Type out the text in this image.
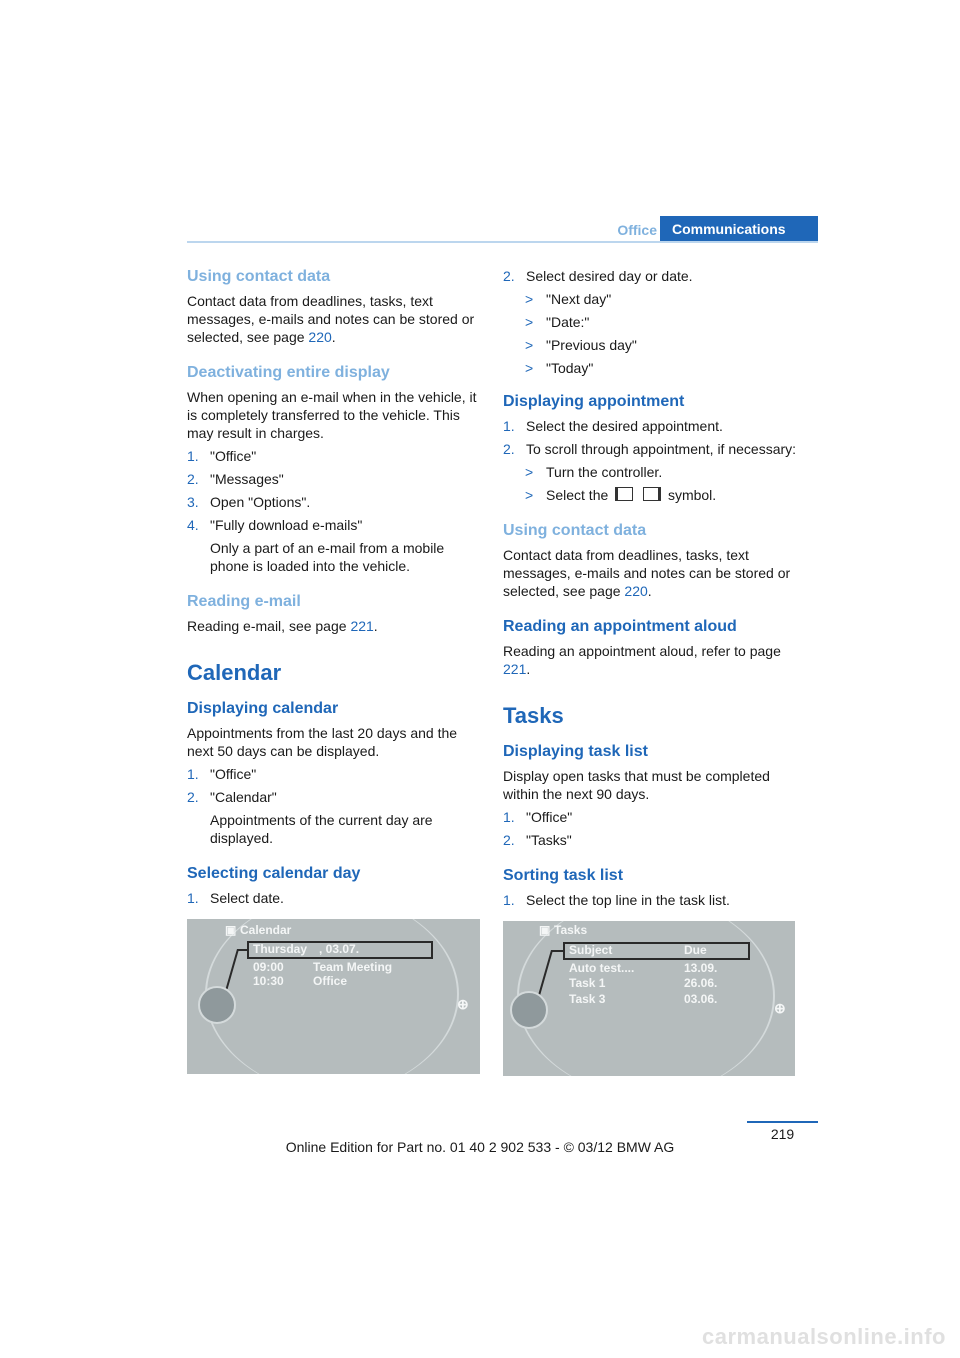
Office	Communications
Using contact data

Contact data from deadlines, tasks, text messages, e-mails and notes can be stored or selected, see page 220.

Deactivating entire display

When opening an e-mail when in the vehicle, it is completely transferred to the vehicle. This may result in charges.

1. "Office"
2. "Messages"
3. Open "Options".
4. "Fully download e-mails"

Only a part of an e-mail from a mobile phone is loaded into the vehicle.

Reading e-mail

Reading e-mail, see page 221.

Calendar
Displaying calendar

Appointments from the last 20 days and the next 50 days can be displayed.

1. "Office"
2. "Calendar"

Appointments of the current day are displayed.

Selecting calendar day
1. Select date.
▣ Calendar
Thursday , 03.07.
09:00 Team Meeting
10:30 Office
⊕
2. Select desired day or date.
> "Next day"
> "Date:"
> "Previous day"
> "Today"
Displaying appointment
1. Select the desired appointment.
2. To scroll through appointment, if necessary:
> Turn the controller.
> Select the	symbol.
Using contact data

Contact data from deadlines, tasks, text messages, e-mails and notes can be stored or selected, see page 220.

Reading an appointment aloud

Reading an appointment aloud, refer to page 221.

Tasks
Displaying task list

Display open tasks that must be completed within the next 90 days.

1. "Office"
2. "Tasks"
Sorting task list
1. Select the top line in the task list.
▣ Tasks
Subject	Due
Auto test....	13.09.
Task 1	26.06.
Task 3	03.06.
⊕
219
Online Edition for Part no. 01 40 2 902 533 - © 03/12 BMW AG
carmanualsonline.info
